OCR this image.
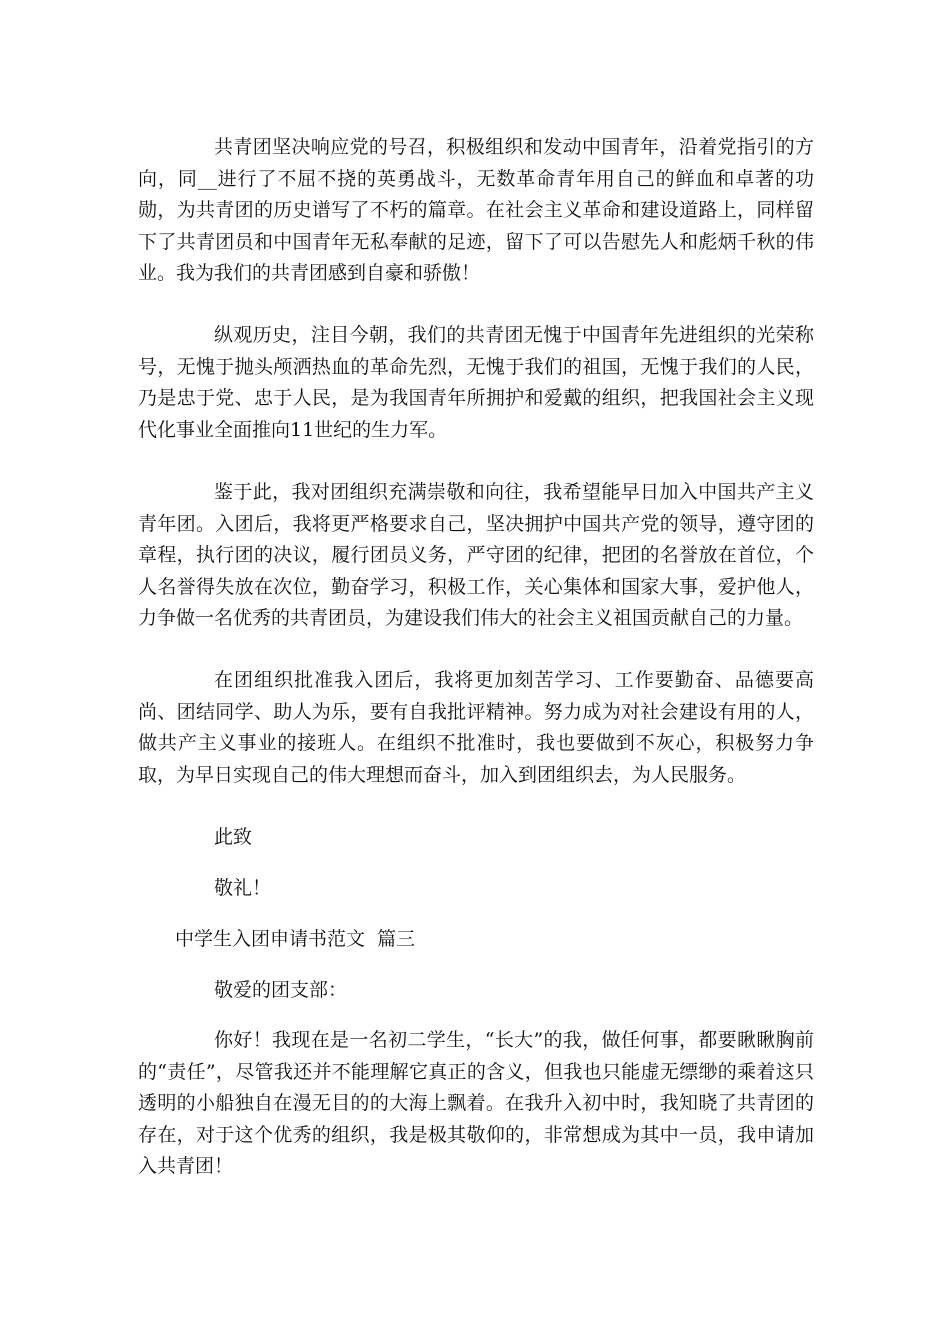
共青团坚决响应党的号召，积极组织和发动中国青年，沿着党指引的方向，同__进行了不屈不挠的英勇战斗，无数革命青年用自己的鲜血和卓著的功勋，为共青团的历史谱写了不朽的篇章。在社会主义革命和建设道路上，同样留下了共青团员和中国青年无私奉献的足迹，留下了可以告慰先人和彪炳千秋的伟业。我为我们的共青团感到自豪和骄傲！

纵观历史，注目今朝，我们的共青团无愧于中国青年先进组织的光荣称号，无愧于抛头颅洒热血的革命先烈，无愧于我们的祖国，无愧于我们的人民，乃是忠于党、忠于人民，是为我国青年所拥护和爱戴的组织，把我国社会主义现代化事业全面推向11世纪的生力军。

鉴于此，我对团组织充满崇敬和向往，我希望能早日加入中国共产主义青年团。入团后，我将更严格要求自己，坚决拥护中国共产党的领导，遵守团的章程，执行团的决议，履行团员义务，严守团的纪律，把团的名誉放在首位，个人名誉得失放在次位，勤奋学习，积极工作，关心集体和国家大事，爱护他人，力争做一名优秀的共青团员，为建设我们伟大的社会主义祖国贡献自己的力量。

在团组织批准我入团后，我将更加刻苦学习、工作要勤奋、品德要高尚、团结同学、助人为乐，要有自我批评精神。努力成为对社会建设有用的人，做共产主义事业的接班人。在组织不批准时，我也要做到不灰心，积极努力争取，为早日实现自己的伟大理想而奋斗，加入到团组织去，为人民服务。

此致

敬礼！

中学生入团申请书范文  篇三

敬爱的团支部：

你好！我现在是一名初二学生，“长大”的我，做任何事，都要瞅瞅胸前的“责任”，尽管我还并不能理解它真正的含义，但我也只能虚无缥缈的乘着这只透明的小船独自在漫无目的的大海上飘着。在我升入初中时，我知晓了共青团的存在，对于这个优秀的组织，我是极其敬仰的，非常想成为其中一员，我申请加入共青团！
